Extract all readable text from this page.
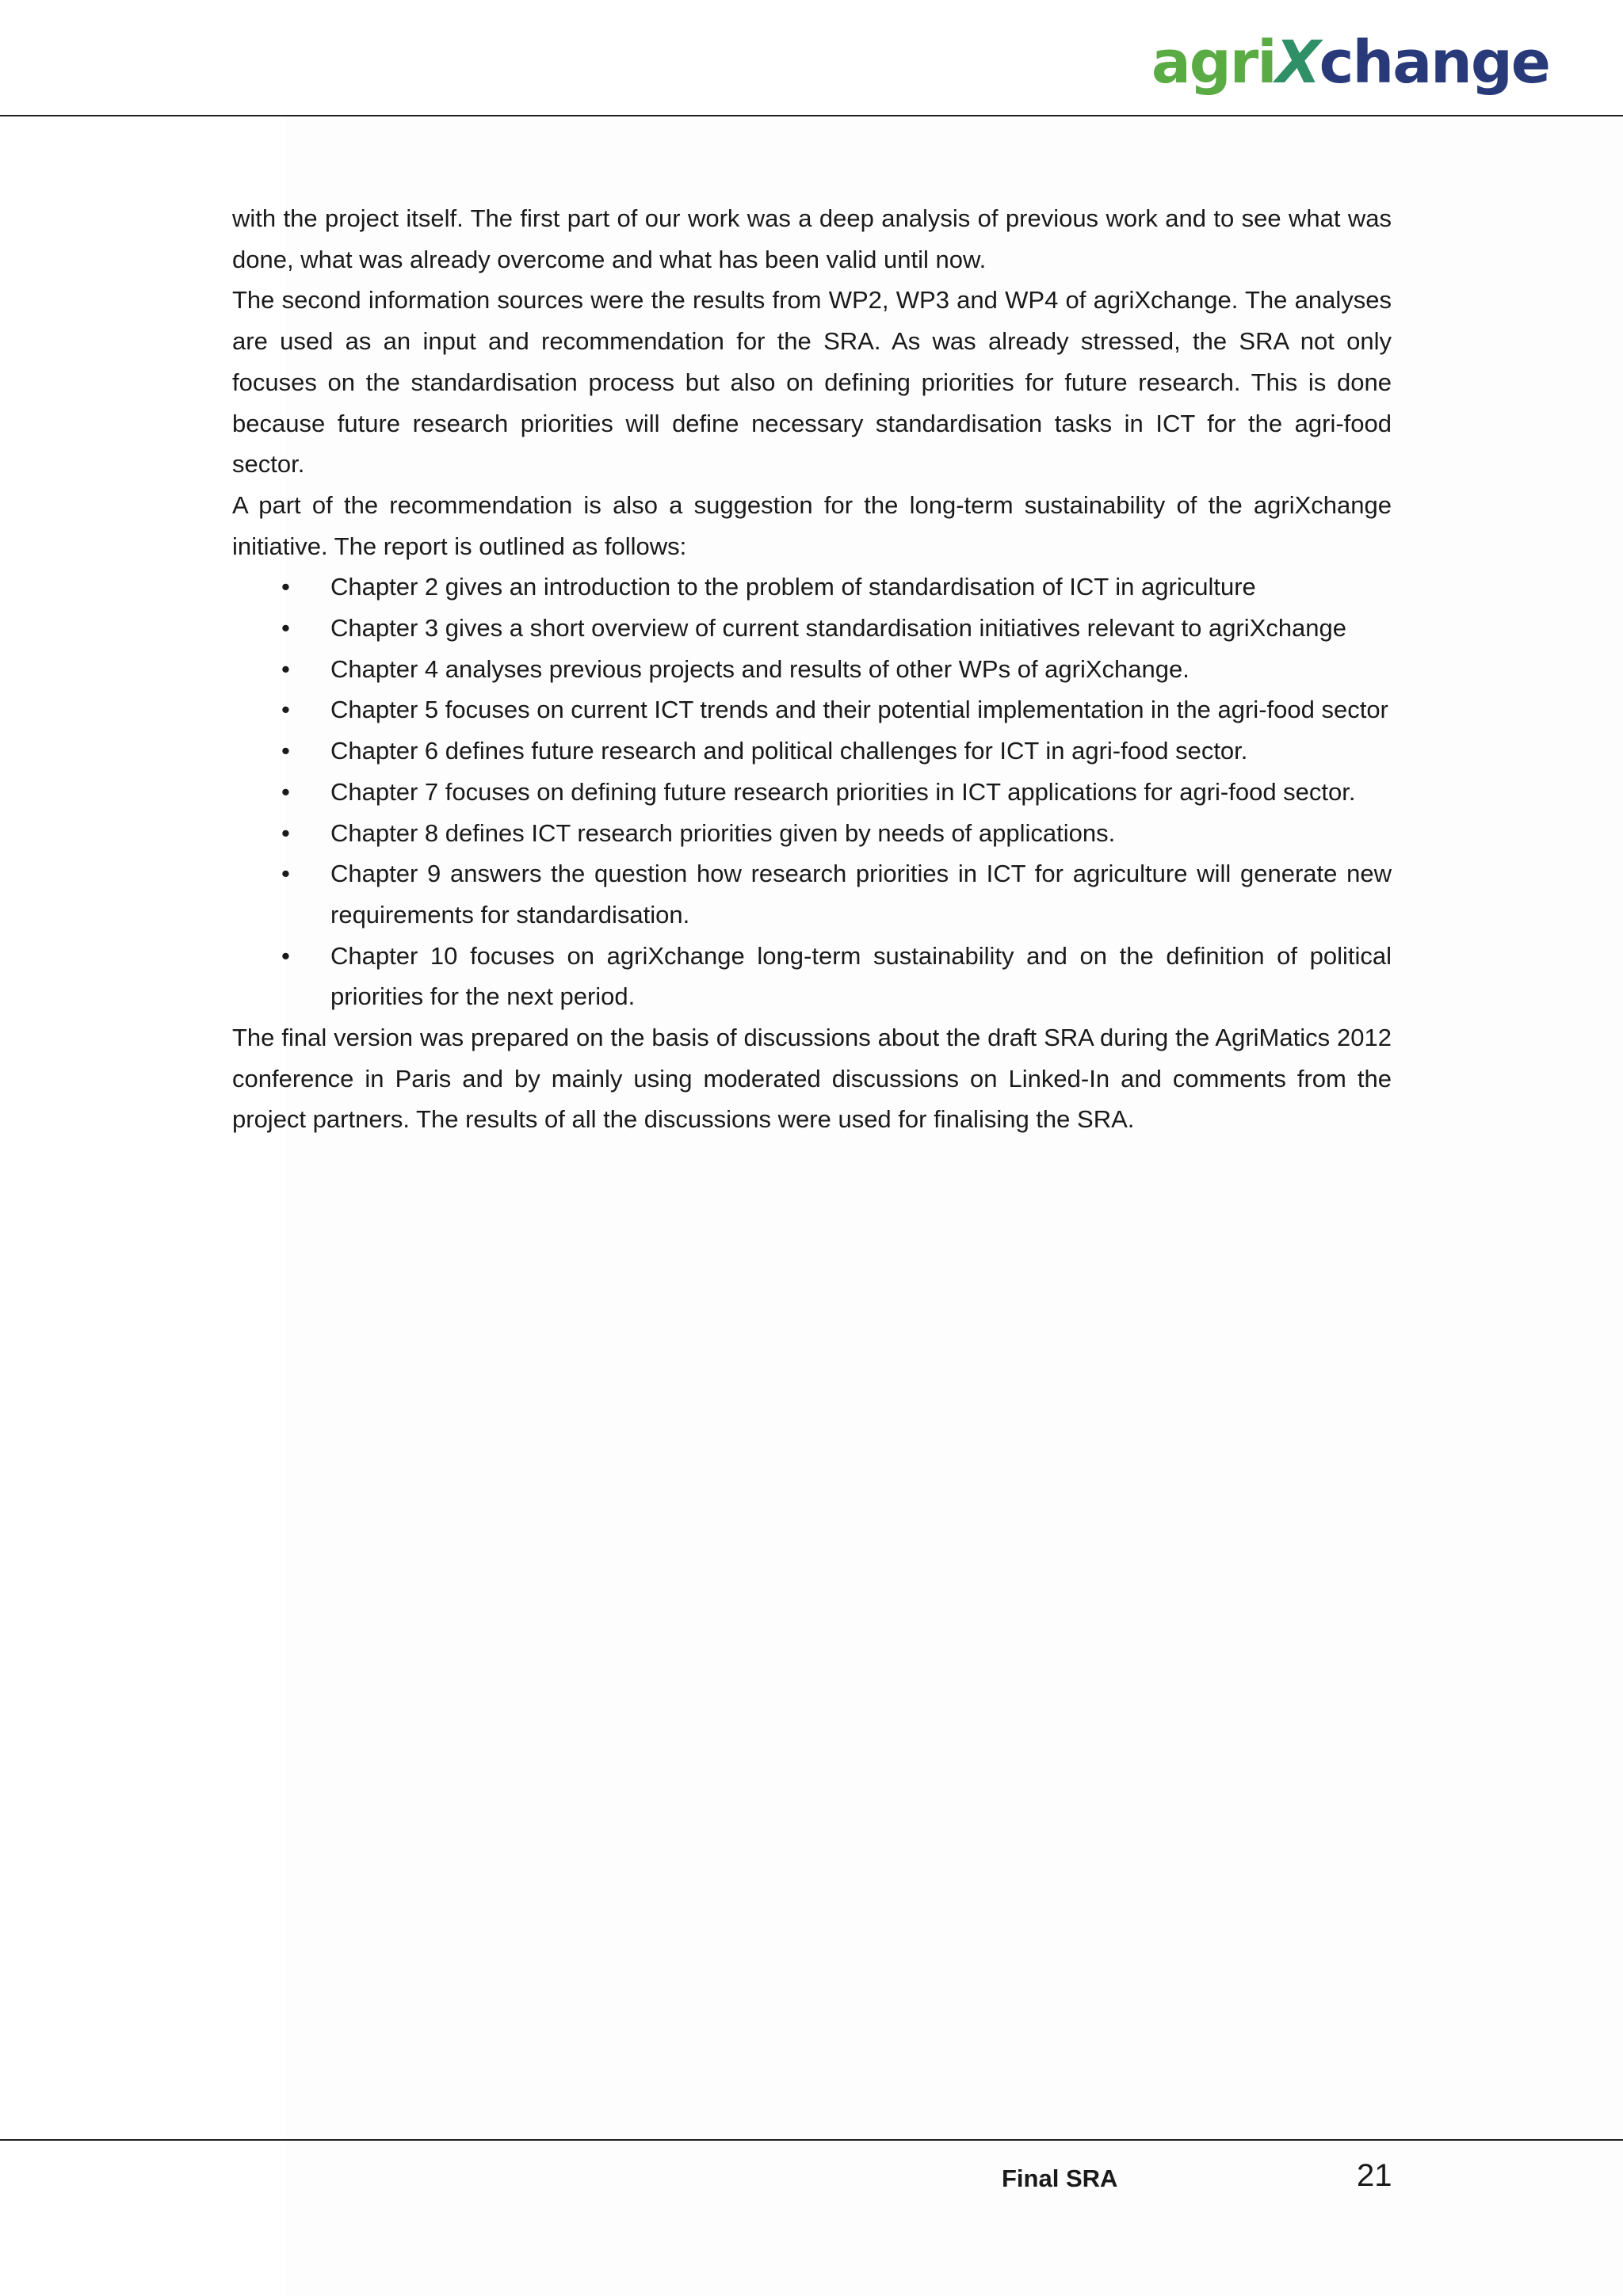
agriXchange

with the project itself. The first part of our work was a deep analysis of previous work and to see what was done, what was already overcome and what has been valid until now.

The second information sources were the results from WP2, WP3 and WP4 of agriXchange. The analyses are used as an input and recommendation for the SRA. As was already stressed, the SRA not only focuses on the standardisation process but also on defining priorities for future research. This is done because future research priorities will define necessary standardisation tasks in ICT for the agri-food sector.

A part of the recommendation is also a suggestion for the long-term sustainability of the agriXchange initiative. The report is outlined as follows:

• Chapter 2 gives an introduction to the problem of standardisation of ICT in agriculture
• Chapter 3 gives a short overview of current standardisation initiatives relevant to agriXchange
• Chapter 4 analyses previous projects and results of other WPs of agriXchange.
• Chapter 5 focuses on current ICT trends and their potential implementation in the agri-food sector
• Chapter 6 defines future research and political challenges for ICT in agri-food sector.
• Chapter 7 focuses on defining future research priorities in ICT applications for agri-food sector.
• Chapter 8 defines ICT research priorities given by needs of applications.
• Chapter 9 answers the question how research priorities in ICT for agriculture will generate new requirements for standardisation.
• Chapter 10 focuses on agriXchange long-term sustainability and on the definition of political priorities for the next period.

The final version was prepared on the basis of discussions about the draft SRA during the AgriMatics 2012 conference in Paris and by mainly using moderated discussions on Linked-In and comments from the project partners. The results of all the discussions were used for finalising the SRA.

Final SRA	21
